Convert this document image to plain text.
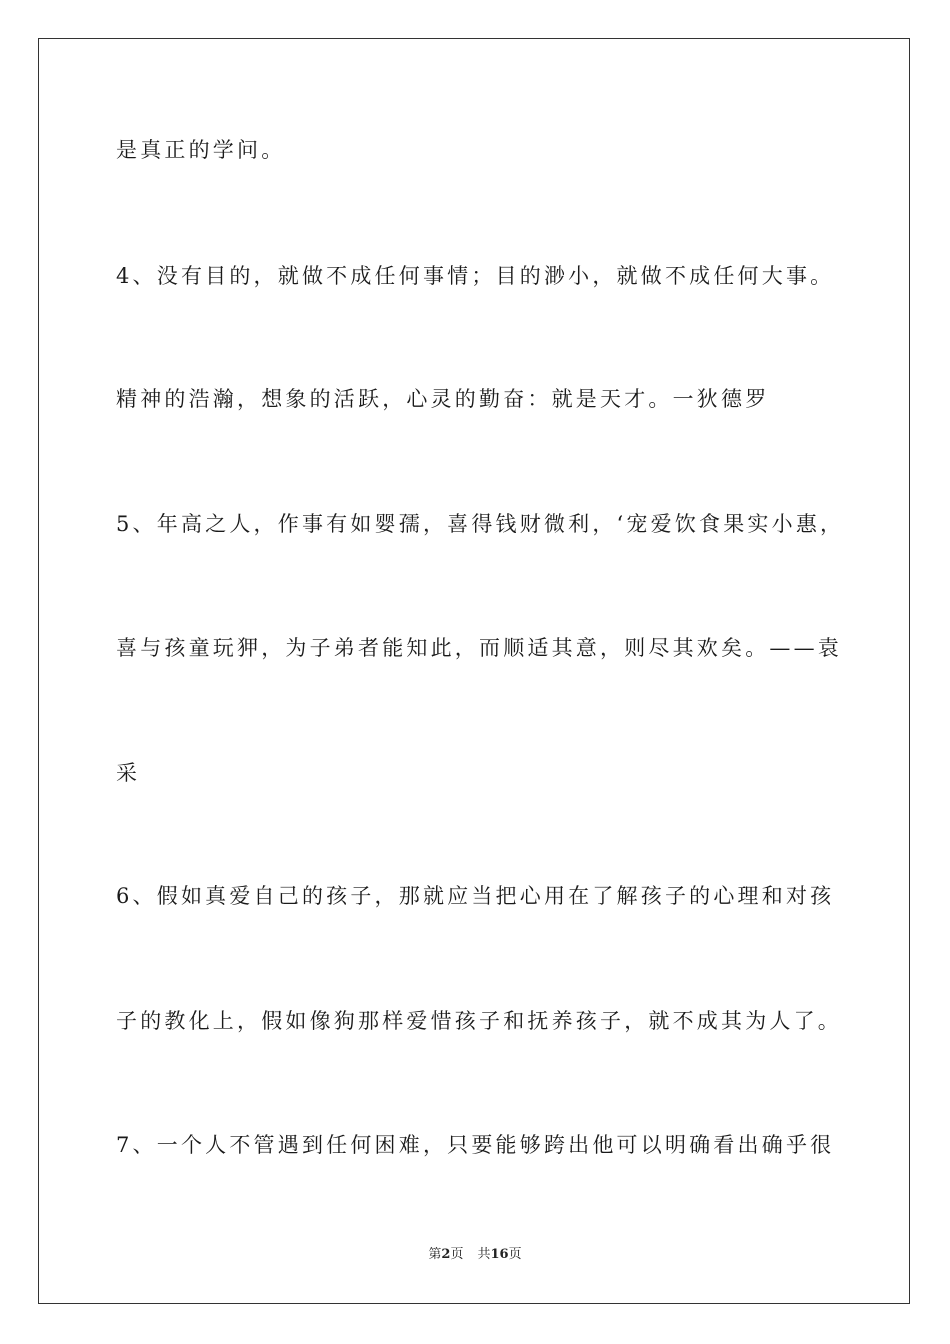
是真正的学问。
4、没有目的，就做不成任何事情；目的渺小，就做不成任何大事。
精神的浩瀚，想象的活跃，心灵的勤奋：就是天才。一狄德罗
5、年高之人，作事有如婴孺，喜得钱财微利，‘宠爱饮食果实小惠，
喜与孩童玩狎，为子弟者能知此，而顺适其意，则尽其欢矣。——袁
采
6、假如真爱自己的孩子，那就应当把心用在了解孩子的心理和对孩
子的教化上，假如像狗那样爱惜孩子和抚养孩子，就不成其为人了。
7、一个人不管遇到任何困难，只要能够跨出他可以明确看出确乎很
第2页 共16页
